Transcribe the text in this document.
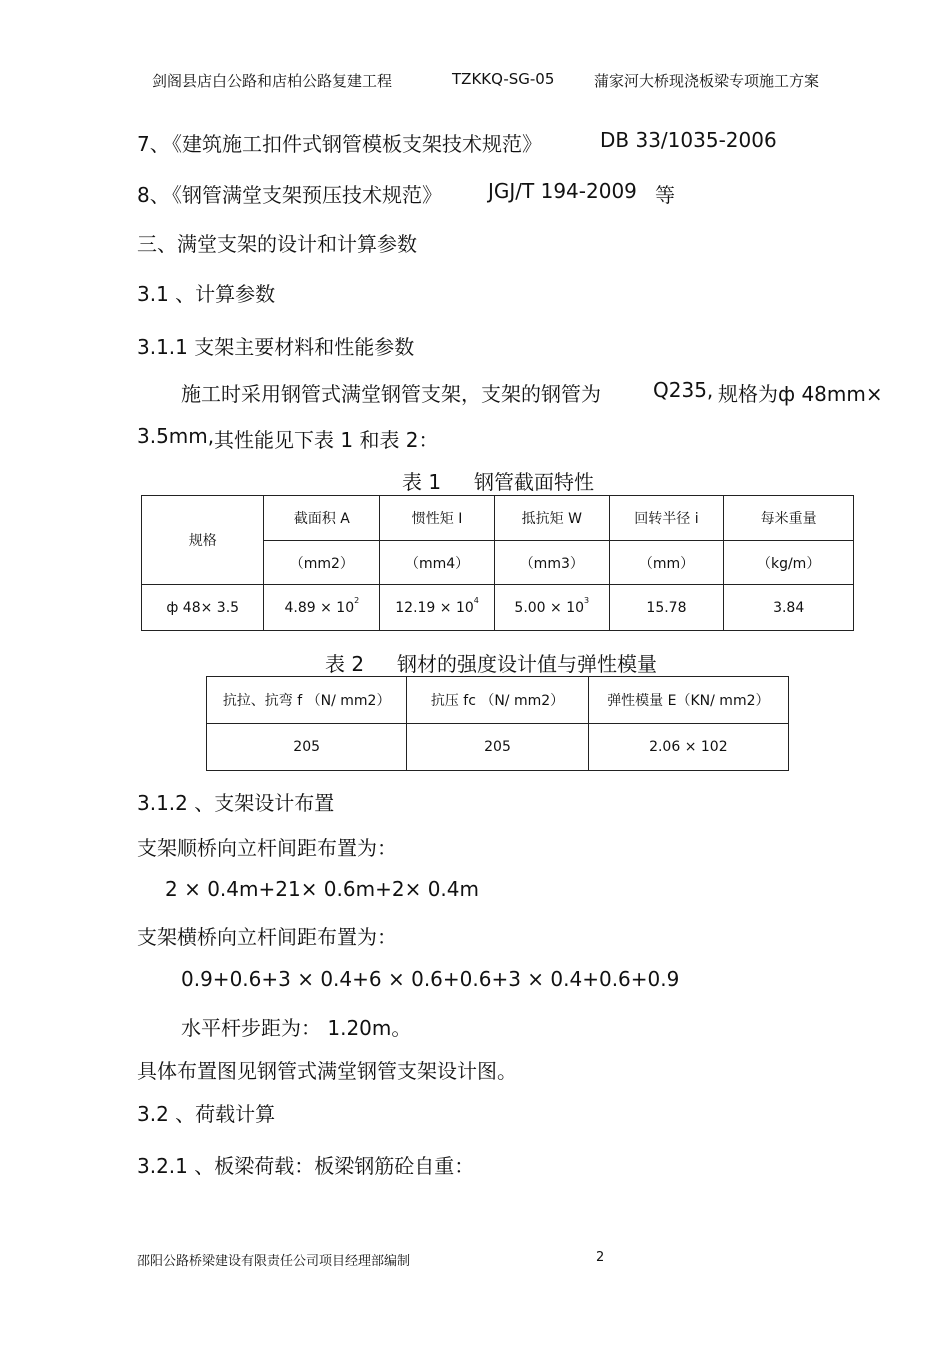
剑阁县店白公路和店柏公路复建工程	TZKKQ-SG-05	蒲家河大桥现浇板梁专项施工方案
7、
《建筑施工扣件式钢管模板支架技术规范》	DB 33/1035-2006
8、
《钢管满堂支架预压技术规范》 JGJ/T 194-2009 等
三、满堂支架的设计和计算参数
3.1 、计算参数
3.1.1 支架主要材料和性能参数
施工时采用钢管式满堂钢管支架，支架的钢管为	Q235, 规格为ф 48mm×
3.5mm, 其性能见下表 1 和表 2：
表 1 钢管截面特性
规格	截面积 A	惯性矩 I	抵抗矩 W	回转半径 i	每米重量
	（mm2）	（mm4）	（mm3）	（mm）	（kg/m）
ф 48× 3.5	$4.89 \times 10^2$	$12.19 \times 10^4$	$5.00 \times 10^3$	15.78	3.84
表 2 钢材的强度设计值与弹性模量
抗拉、抗弯 f （N/ mm2）	抗压 fc （N/ mm2）	弹性模量 E（KN/ mm2）
205	205	2.06 × 102
3.1.2 、支架设计布置
支架顺桥向立杆间距布置为：
2 × 0.4m+21× 0.6m+2× 0.4m
支架横桥向立杆间距布置为：
0.9+0.6+3 × 0.4+6 × 0.6+0.6+3 × 0.4+0.6+0.9
水平杆步距为： 1.20m。
具体布置图见钢管式满堂钢管支架设计图。
3.2 、荷载计算
3.2.1 、板梁荷载：板梁钢筋砼自重：
邵阳公路桥梁建设有限责任公司项目经理部编制	2
